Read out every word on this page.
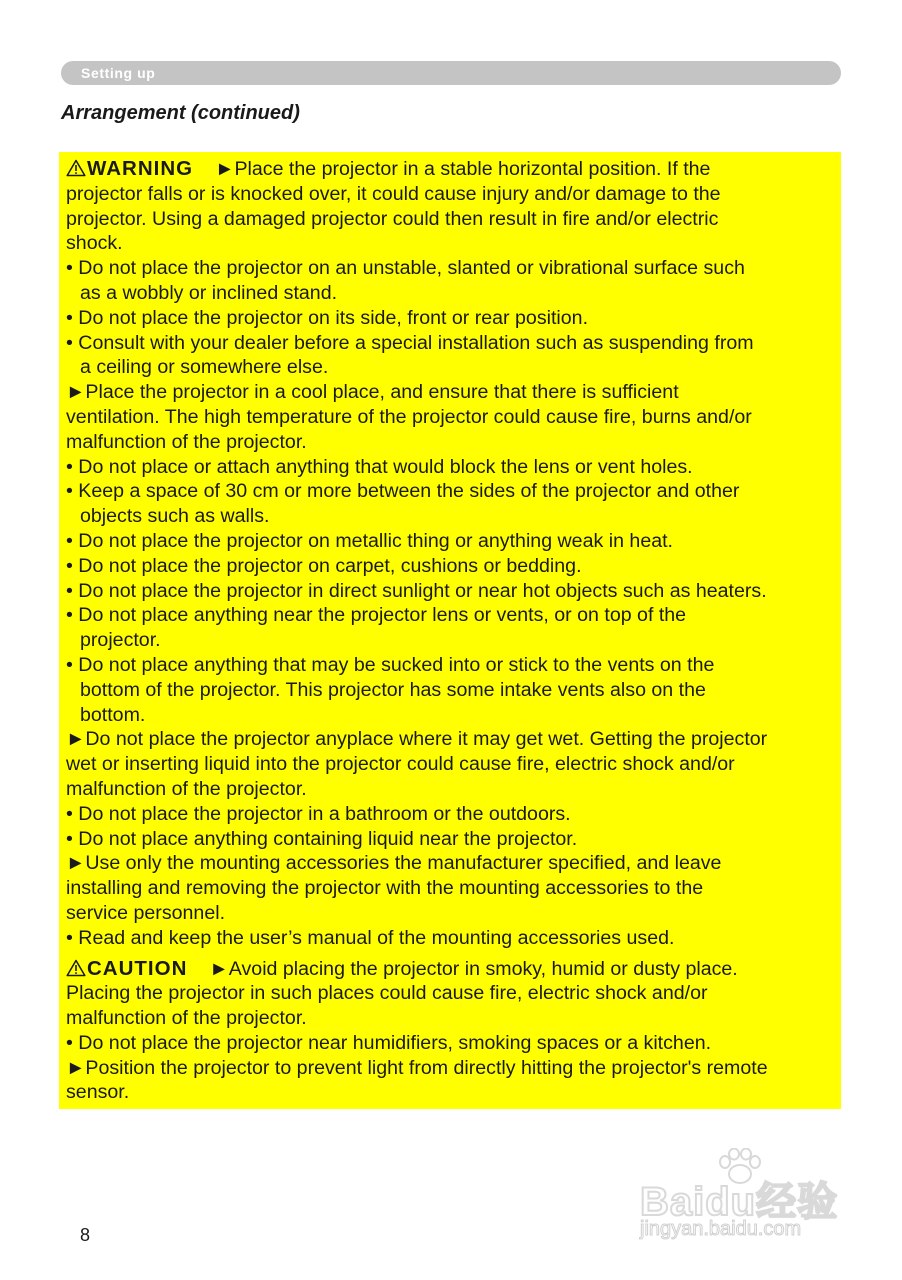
Setting up
Arrangement (continued)
WARNING ►Place the projector in a stable horizontal position. If the
projector falls or is knocked over, it could cause injury and/or damage to the
projector. Using a damaged projector could then result in fire and/or electric
shock.
• Do not place the projector on an unstable, slanted or vibrational surface such
as a wobbly or inclined stand.
• Do not place the projector on its side, front or rear position.
• Consult with your dealer before a special installation such as suspending from
a ceiling or somewhere else.
►Place the projector in a cool place, and ensure that there is sufficient
ventilation. The high temperature of the projector could cause fire, burns and/or
malfunction of the projector.
• Do not place or attach anything that would block the lens or vent holes.
• Keep a space of 30 cm or more between the sides of the projector and other
objects such as walls.
• Do not place the projector on metallic thing or anything weak in heat.
• Do not place the projector on carpet, cushions or bedding.
• Do not place the projector in direct sunlight or near hot objects such as heaters.
• Do not place anything near the projector lens or vents, or on top of the
projector.
• Do not place anything that may be sucked into or stick to the vents on the
bottom of the projector. This projector has some intake vents also on the
bottom.
►Do not place the projector anyplace where it may get wet. Getting the projector
wet or inserting liquid into the projector could cause fire, electric shock and/or
malfunction of the projector.
• Do not place the projector in a bathroom or the outdoors.
• Do not place anything containing liquid near the projector.
►Use only the mounting accessories the manufacturer specified, and leave
installing and removing the projector with the mounting accessories to the
service personnel.
• Read and keep the user’s manual of the mounting accessories used.
CAUTION ►Avoid placing the projector in smoky, humid or dusty place.
Placing the projector in such places could cause fire, electric shock and/or
malfunction of the projector.
• Do not place the projector near humidifiers, smoking spaces or a kitchen.
►Position the projector to prevent light from directly hitting the projector's remote
sensor.
8
Baidu经验
jingyan.baidu.com
